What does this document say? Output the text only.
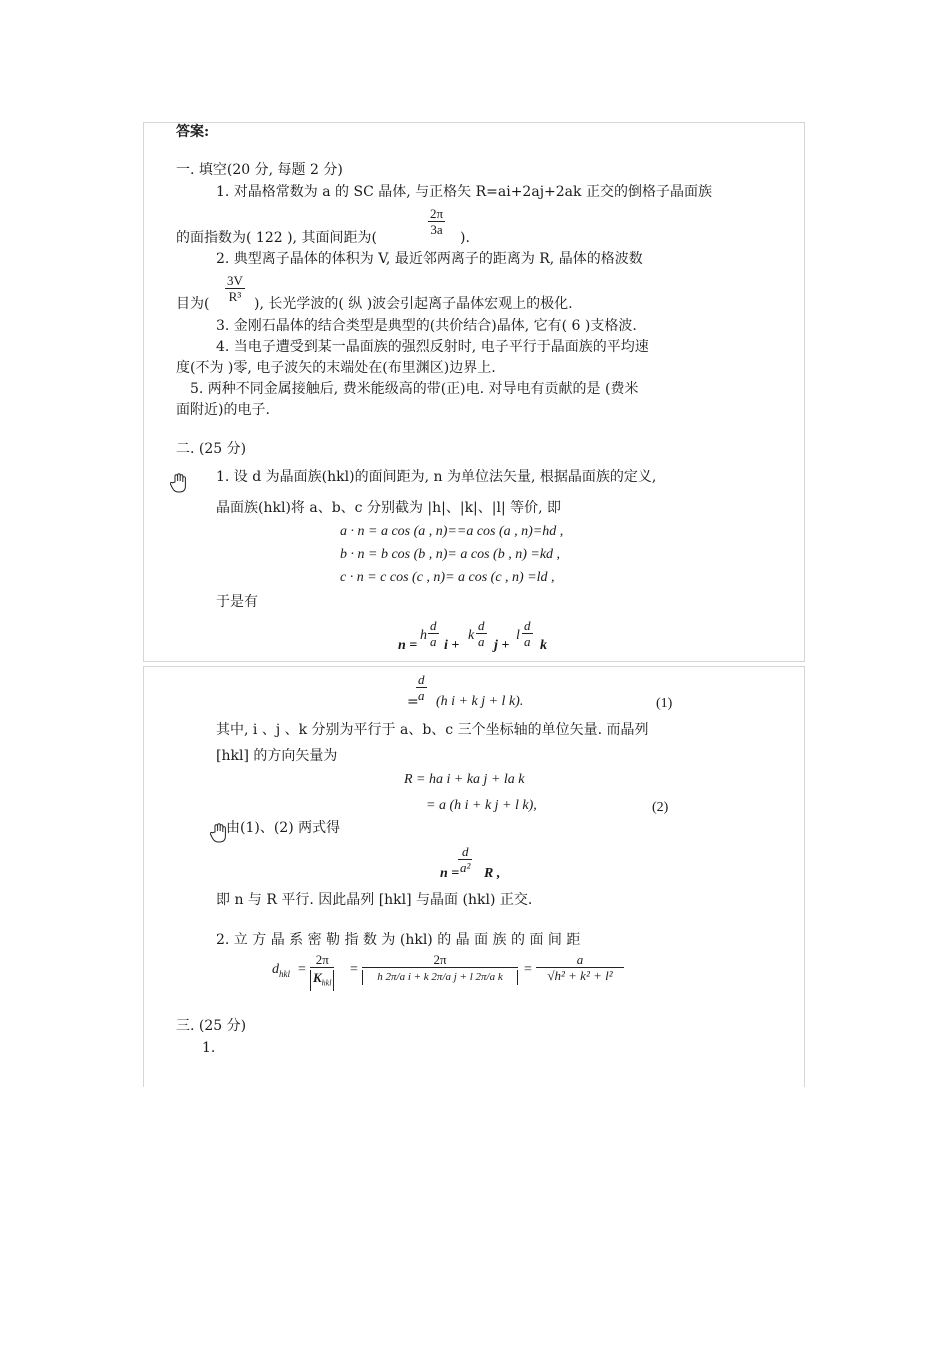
答案:
一. 填空(20 分, 每题 2 分)
1. 对晶格常数为 a 的 SC 晶体, 与正格矢 R=ai+2aj+2ak 正交的倒格子晶面族
$\frac{2\pi}{3a}$
的面指数为( 122 ), 其面间距为(	).
2. 典型离子晶体的体积为 V, 最近邻两离子的距离为 R, 晶体的格波数
$\frac{3V}{\text{R³}}$
目为(	), 长光学波的( 纵 )波会引起离子晶体宏观上的极化.
3. 金刚石晶体的结合类型是典型的(共价结合)晶体, 它有( 6 )支格波.
4. 当电子遭受到某一晶面族的强烈反射时, 电子平行于晶面族的平均速
度(不为 )零, 电子波矢的末端处在(布里渊区)边界上.
5. 两种不同金属接触后, 费米能级高的带(正)电. 对导电有贡献的是 (费米
面附近)的电子.
二. (25 分)
1. 设 d 为晶面族(hkl)的面间距为, n 为单位法矢量, 根据晶面族的定义,
晶面族(hkl)将 a、b、c 分别截为 |h|、|k|、|l| 等价, 即
a · n = a cos (a , n)==a cos (a , n)=hd ,
b · n = b cos (b , n)= a cos (b , n) =kd ,
c · n = c cos (c , n)= a cos (c , n) =ld ,
于是有
n =
h $\frac{d}{a}$ i +
k $\frac{d}{a}$ j +
l $\frac{d}{a}$ k
$\frac{d}{a}$
= (h i + k j + l k).	(1)
其中, i 、j 、k 分别为平行于 a、b、c 三个坐标轴的单位矢量. 而晶列
[hkl] 的方向矢量为
R = ha i + ka j + la k
= a (h i + k j + l k),	(2)
由(1)、(2) 两式得
n =
$\frac{d}{\text{a²}}$ R ,
即 n 与 R 平行. 因此晶列 [hkl] 与晶面 (hkl) 正交.
2. 立 方 晶 系 密 勒 指 数 为 (hkl) 的 晶 面 族 的 面 间 距
$d_{hkl}$ =
2π
$K_{hkl}$
=
2π
h 2π/a i + k 2π/a j + l 2π/a k	= $\frac{a}{\text{√h² + k² + l²}}$
三. (25 分)
1.
